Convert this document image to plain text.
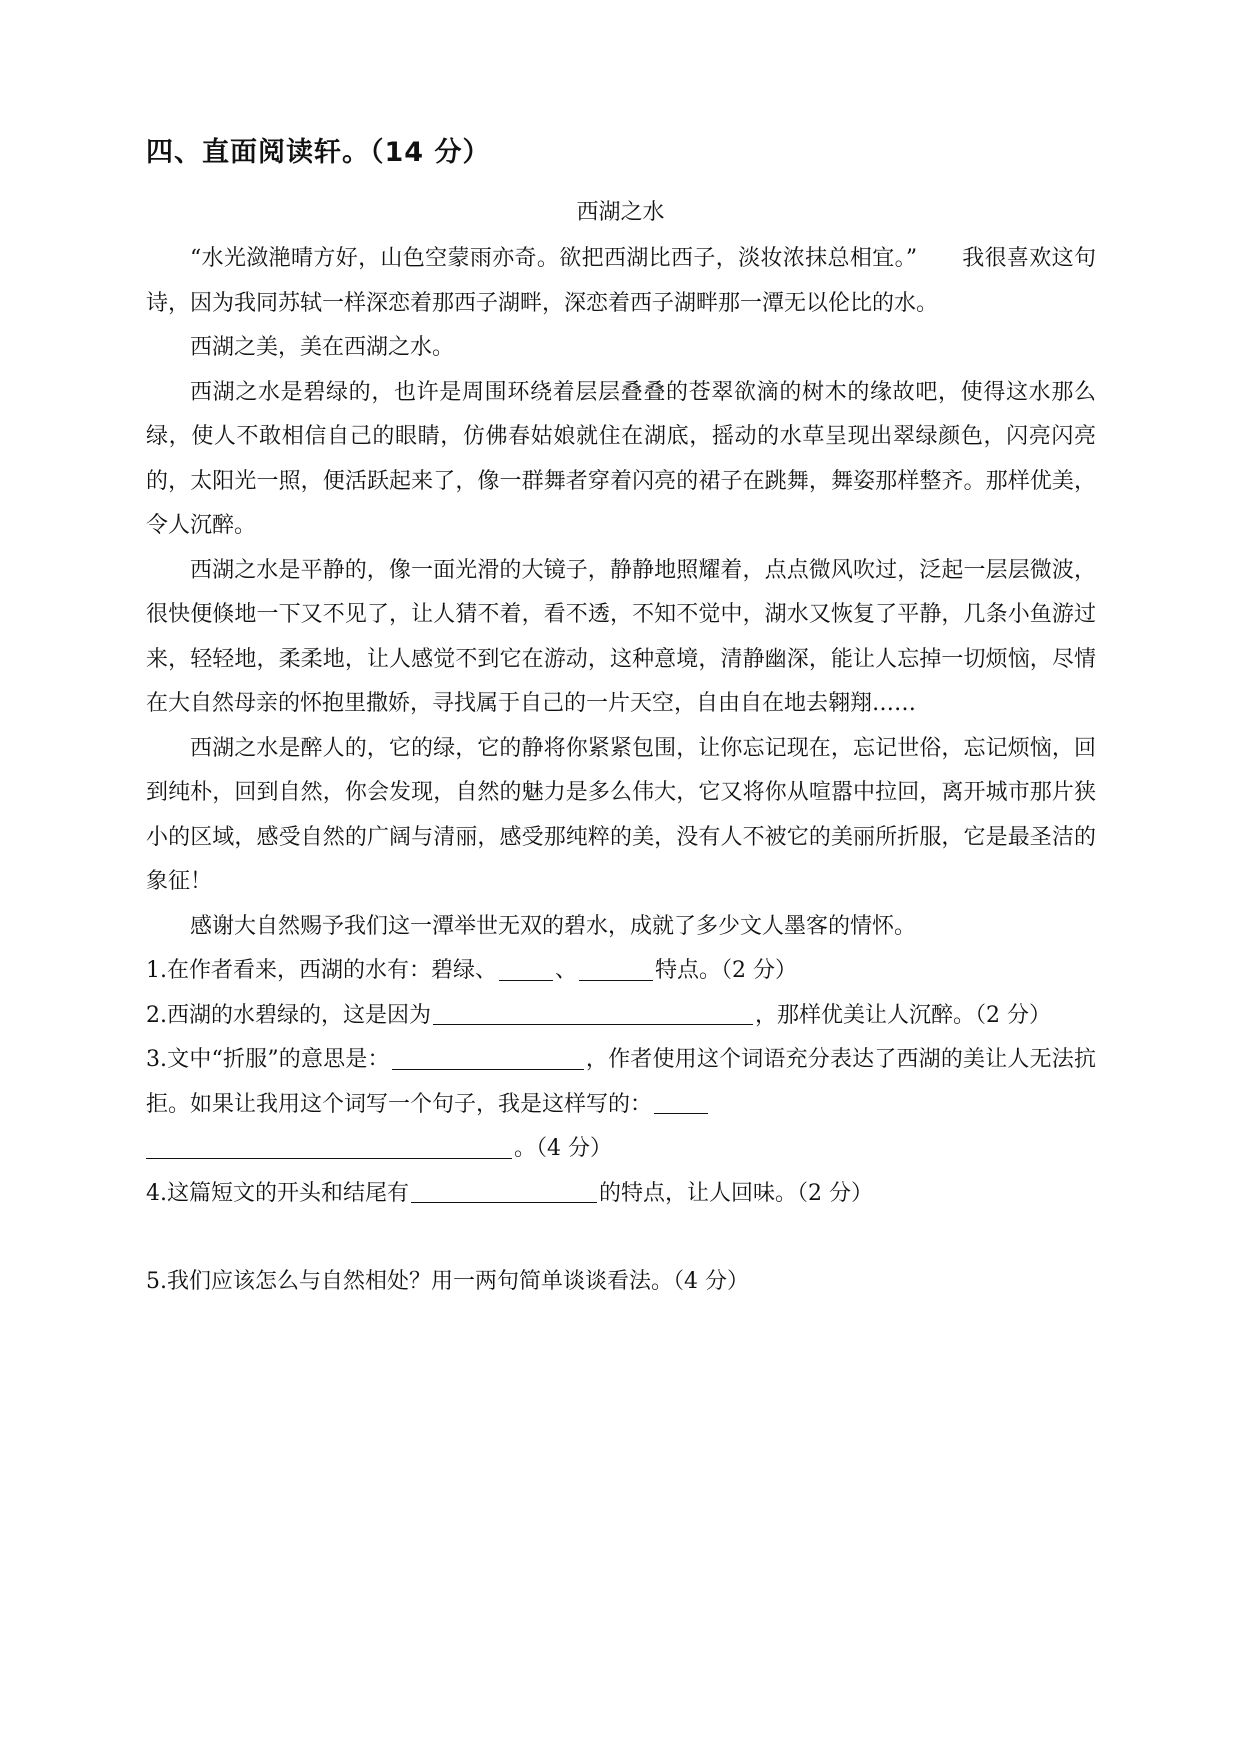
四、直面阅读轩。（14 分）
西湖之水

“水光潋滟晴方好，山色空蒙雨亦奇。欲把西湖比西子，淡妆浓抹总相宜。”　　我很喜欢这句诗，因为我同苏轼一样深恋着那西子湖畔，深恋着西子湖畔那一潭无以伦比的水。

西湖之美，美在西湖之水。

西湖之水是碧绿的，也许是周围环绕着层层叠叠的苍翠欲滴的树木的缘故吧，使得这水那么绿，使人不敢相信自己的眼睛，仿佛春姑娘就住在湖底，摇动的水草呈现出翠绿颜色，闪亮闪亮的，太阳光一照，便活跃起来了，像一群舞者穿着闪亮的裙子在跳舞，舞姿那样整齐。那样优美，令人沉醉。

西湖之水是平静的，像一面光滑的大镜子，静静地照耀着，点点微风吹过，泛起一层层微波，很快便倏地一下又不见了，让人猜不着，看不透，不知不觉中，湖水又恢复了平静，几条小鱼游过来，轻轻地，柔柔地，让人感觉不到它在游动，这种意境，清静幽深，能让人忘掉一切烦恼，尽情在大自然母亲的怀抱里撒娇，寻找属于自己的一片天空，自由自在地去翱翔……

西湖之水是醉人的，它的绿，它的静将你紧紧包围，让你忘记现在，忘记世俗，忘记烦恼，回到纯朴，回到自然，你会发现，自然的魅力是多么伟大，它又将你从喧嚣中拉回，离开城市那片狭小的区域，感受自然的广阔与清丽，感受那纯粹的美，没有人不被它的美丽所折服，它是最圣洁的象征！

感谢大自然赐予我们这一潭举世无双的碧水，成就了多少文人墨客的情怀。

1.在作者看来，西湖的水有：碧绿、	、	特点。（2 分）

2.西湖的水碧绿的，这是因为	，那样优美让人沉醉。（2 分）

3.文中“折服”的意思是：	，作者使用这个词语充分表达了西湖的美让人无法抗拒。如果让我用这个词写一个句子，我是这样写的：
。（4 分）

4.这篇短文的开头和结尾有	的特点，让人回味。（2 分）

5.我们应该怎么与自然相处？用一两句简单谈谈看法。（4 分）
